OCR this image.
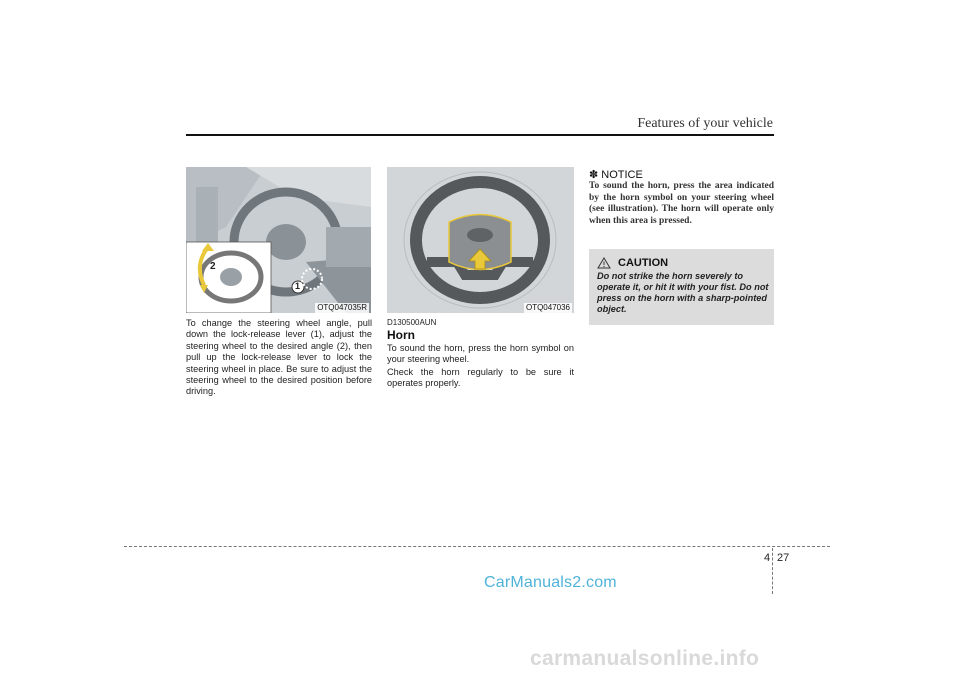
Features of your vehicle
2
1
OTQ047035R
To change the steering wheel angle, pull down the lock-release lever (1), adjust the steering wheel to the desired angle (2), then pull up the lock-release lever to lock the steering wheel in place. Be sure to adjust the steering wheel to the desired position before driving.
OTQ047036
D130500AUN
Horn
To sound the horn, press the horn symbol on your steering wheel.
Check the horn regularly to be sure it operates properly.
✽ NOTICE
To sound the horn, press the area indicated by the horn symbol on your steering wheel (see illustration). The horn will operate only when this area is pressed.
CAUTION
Do not strike the horn severely to operate it, or hit it with your fist. Do not press on the horn with a sharp-pointed object.
4 27
CarManuals2.com
carmanualsonline.info
